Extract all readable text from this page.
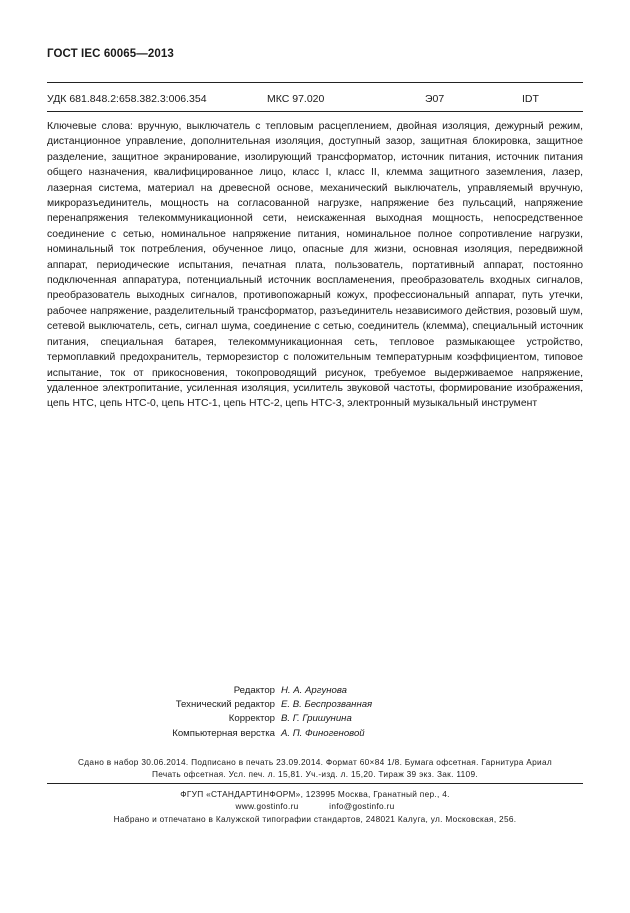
ГОСТ IEC 60065—2013
УДК 681.848.2:658.382.3:006.354	МКС 97.020	Э07	IDT
Ключевые слова: вручную, выключатель с тепловым расцеплением, двойная изоляция, дежурный режим, дистанционное управление, дополнительная изоляция, доступный зазор, защитная блокировка, защитное разделение, защитное экранирование, изолирующий трансформатор, источник питания, источник питания общего назначения, квалифицированное лицо, класс I, класс II, клемма защитного заземления, лазер, лазерная система, материал на древесной основе, механический выключатель, управляемый вручную, микроразъединитель, мощность на согласованной нагрузке, напряжение без пульсаций, напряжение перенапряжения телекоммуникационной сети, неискаженная выходная мощность, непосредственное соединение с сетью, номинальное напряжение питания, номинальное полное сопротивление нагрузки, номинальный ток потребления, обученное лицо, опасные для жизни, основная изоляция, передвижной аппарат, периодические испытания, печатная плата, пользователь, портативный аппарат, постоянно подключенная аппаратура, потенциальный источник воспламенения, преобразователь входных сигналов, преобразователь выходных сигналов, противопожарный кожух, профессиональный аппарат, путь утечки, рабочее напряжение, разделительный трансформатор, разъединитель независимого действия, розовый шум, сетевой выключатель, сеть, сигнал шума, соединение с сетью, соединитель (клемма), специальный источник питания, специальная батарея, телекоммуникационная сеть, тепловое размыкающее устройство, термоплавкий предохранитель, терморезистор с положительным температурным коэффициентом, типовое испытание, ток от прикосновения, токопроводящий рисунок, требуемое выдерживаемое напряжение, удаленное электропитание, усиленная изоляция, усилитель звуковой частоты, формирование изображения, цепь НТС, цепь НТС-0, цепь НТС-1, цепь НТС-2, цепь НТС-3, электронный музыкальный инструмент
Редактор Н. А. Аргунова
Технический редактор Е. В. Беспрозванная
Корректор В. Г. Гришунина
Компьютерная верстка А. П. Финогеновой
Сдано в набор 30.06.2014. Подписано в печать 23.09.2014. Формат 60×84 1/8. Бумага офсетная. Гарнитура Ариал
Печать офсетная. Усл. печ. л. 15,81. Уч.-изд. л. 15,20. Тираж 39 экз. Зак. 1109.
ФГУП «СТАНДАРТИНФОРМ», 123995 Москва, Гранатный пер., 4.
www.gostinfo.ru	info@gostinfo.ru
Набрано и отпечатано в Калужской типографии стандартов, 248021 Калуга, ул. Московская, 256.
